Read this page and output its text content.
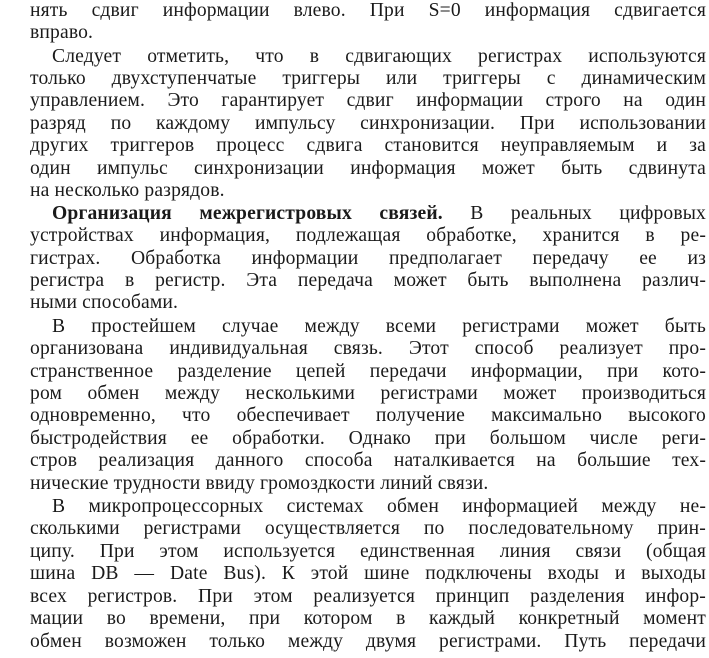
нять сдвиг информации влево. При S=0 информация сдвигается
вправо.
Следует отметить, что в сдвигающих регистрах используются
только двухступенчатые триггеры или триггеры с динамическим
управлением. Это гарантирует сдвиг информации строго на один
разряд по каждому импульсу синхронизации. При использовании
других триггеров процесс сдвига становится неуправляемым и за
один импульс синхронизации информация может быть сдвинута
на несколько разрядов.
Организация межрегистровых связей. В реальных цифровых
устройствах информация, подлежащая обработке, хранится в ре-
гистрах. Обработка информации предполагает передачу ее из
регистра в регистр. Эта передача может быть выполнена различ-
ными способами.
В простейшем случае между всеми регистрами может быть
организована индивидуальная связь. Этот способ реализует про-
странственное разделение цепей передачи информации, при кото-
ром обмен между несколькими регистрами может производиться
одновременно, что обеспечивает получение максимально высокого
быстродействия ее обработки. Однако при большом числе реги-
стров реализация данного способа наталкивается на большие тех-
нические трудности ввиду громоздкости линий связи.
В микропроцессорных системах обмен информацией между не-
сколькими регистрами осуществляется по последовательному прин-
ципу. При этом используется единственная линия связи (общая
шина DB — Date Bus). К этой шине подключены входы и выходы
всех регистров. При этом реализуется принцип разделения инфор-
мации во времени, при котором в каждый конкретный момент
обмен возможен только между двумя регистрами. Путь передачи
